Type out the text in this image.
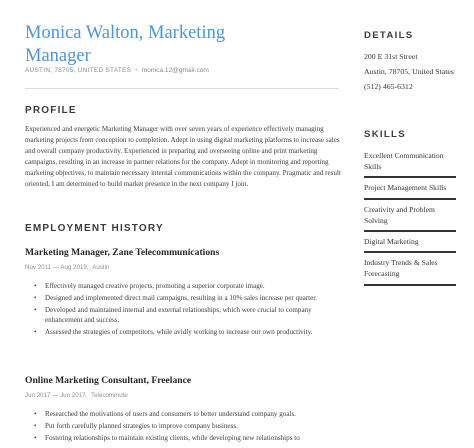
Monica Walton, Marketing Manager
AUSTIN, 78705, UNITED STATES • monica.12@gmail.com
PROFILE

Experienced and energetic Marketing Manager with over seven years of experience effectively managing marketing projects from conception to completion. Adept in using digital marketing platforms to increase sales and overall company productivity. Experienced in preparing and overseeing online and print marketing campaigns, resulting in an increase in partner relations for the company. Adept in monitoring and reporting marketing objectives, to maintain necessary internal communications within the company. Pragmatic and result oriented, I am determined to build market presence in the next company I join.

EMPLOYMENT HISTORY
Marketing Manager, Zane Telecommunications
Nov 2011 — Aug 2019, Austin
• Effectively managed creative projects, promoting a superior corporate image.
• Designed and implemented direct mail campaigns, resulting in a 10% sales increase per quarter.
• Developed and maintained internal and external relationships, which were crucial to company enhancement and success.
• Assessed the strategies of competitors, while avidly working to increase our own productivity.
Online Marketing Consultant, Freelance
Jun 2017 — Jun 2017, Telecommute
• Researched the motivations of users and consumers to better understand company goals.
• Put forth carefully planned strategies to improve company business.
• Fostering relationships to maintain existing clients, while developing new relationships to
DETAILS
200 E 31st Street
Austin, 78705, United States
(512) 465-6312
SKILLS
Excellent Communication Skills
Project Management Skills
Creativity and Problem Solving
Digital Marketing
Industry Trends & Sales Forecasting
